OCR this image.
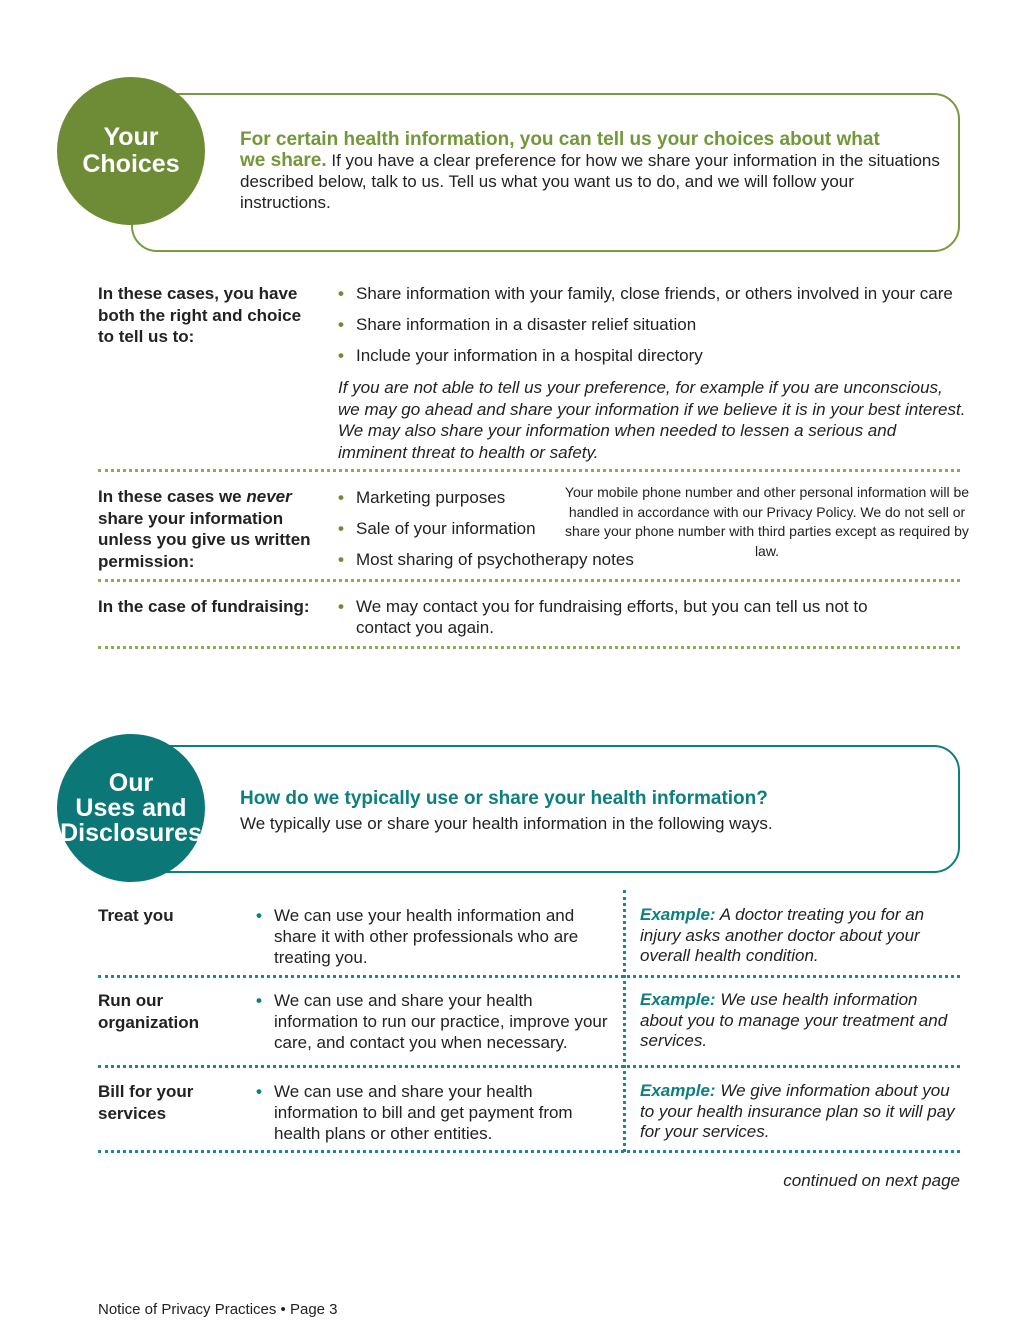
Your
Choices
For certain health information, you can tell us your choices about what
we share. If you have a clear preference for how we share your information in the situations described below, talk to us. Tell us what you want us to do, and we will follow your instructions.
In these cases, you have both the right and choice to tell us to:
• Share information with your family, close friends, or others involved in your care
• Share information in a disaster relief situation
• Include your information in a hospital directory
If you are not able to tell us your preference, for example if you are unconscious, we may go ahead and share your information if we believe it is in your best interest. We may also share your information when needed to lessen a serious and imminent threat to health or safety.
In these cases we never share your information unless you give us written permission:
• Marketing purposes
• Sale of your information
• Most sharing of psychotherapy notes
Your mobile phone number and other personal information will be handled in accordance with our Privacy Policy. We do not sell or share your phone number with third parties except as required by law.
In the case of fundraising:	• We may contact you for fundraising efforts, but you can tell us not to contact you again.
Our
Uses and
Disclosures
How do we typically use or share your health information?
We typically use or share your health information in the following ways.
Treat you	• We can use your health information and share it with other professionals who are treating you.
Example: A doctor treating you for an injury asks another doctor about your overall health condition.
Run our organization
• We can use and share your health information to run our practice, improve your care, and contact you when necessary.
Example: We use health information about you to manage your treatment and services.
Bill for your services
• We can use and share your health information to bill and get payment from health plans or other entities.
Example: We give information about you to your health insurance plan so it will pay for your services.
continued on next page
Notice of Privacy Practices • Page 3
